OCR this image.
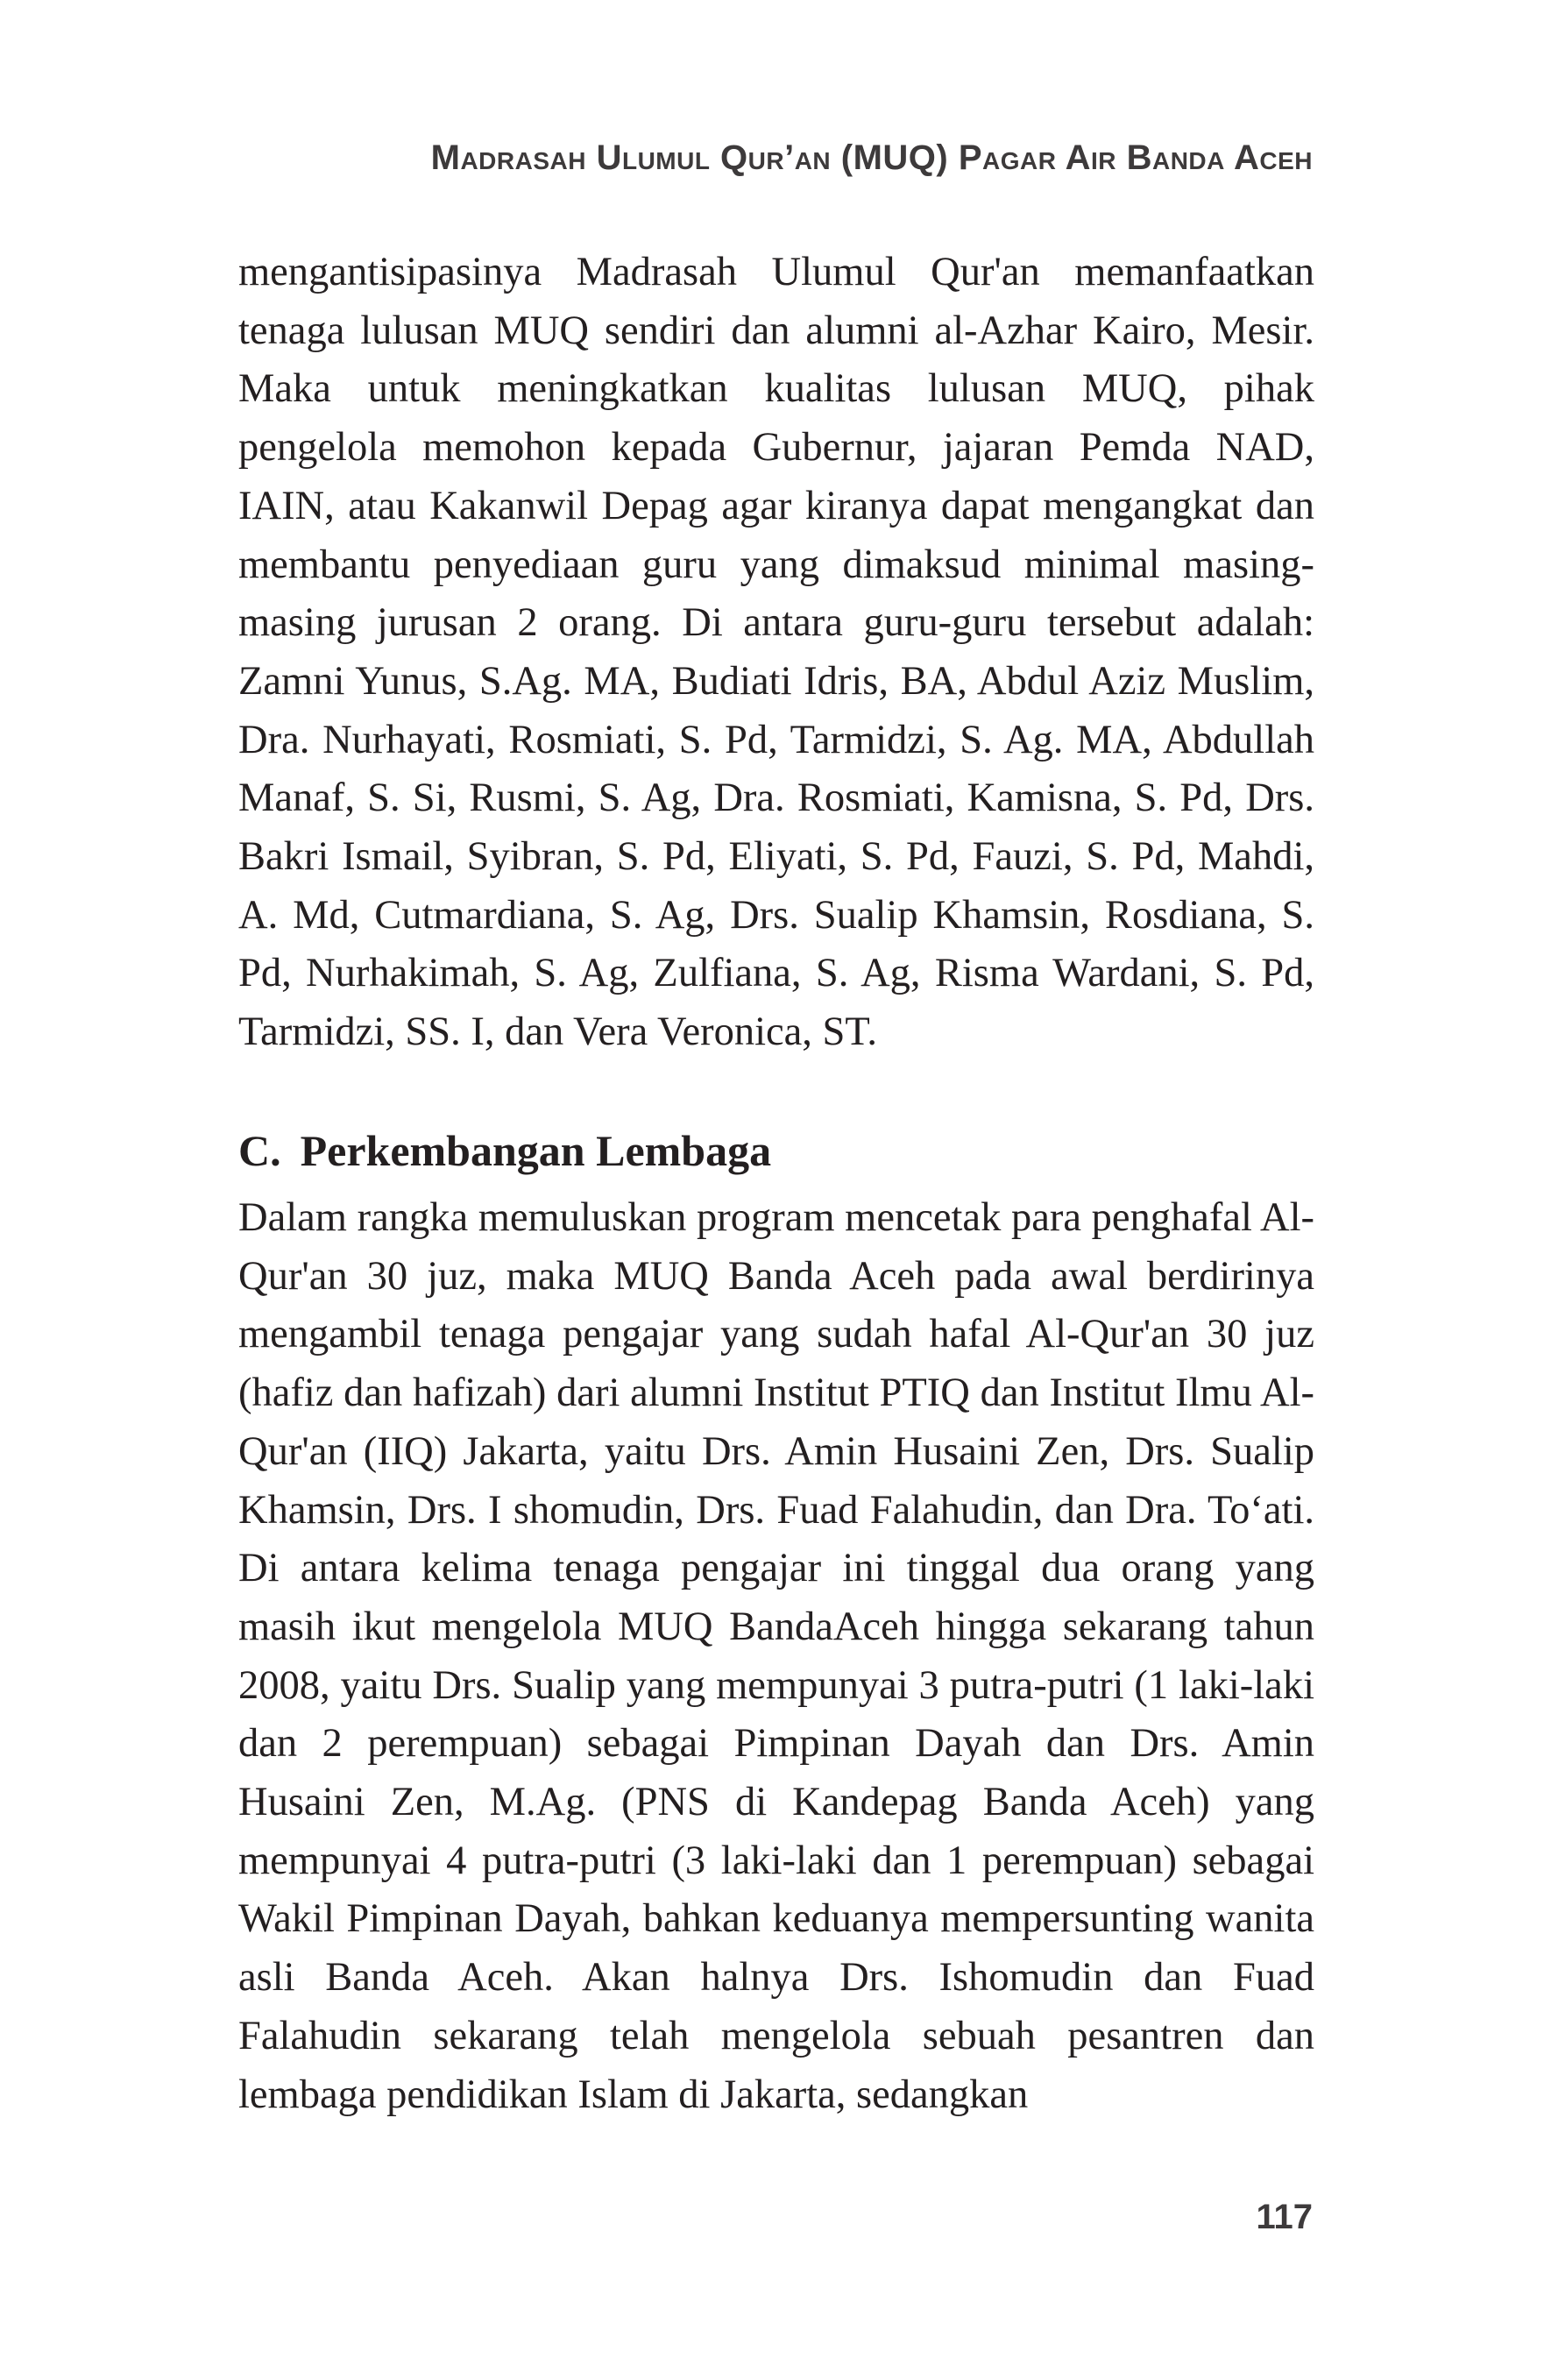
Madrasah Ulumul Qur’an (MUQ) Pagar Air Banda Aceh

mengantisipasinya Madrasah Ulumul Qur'an memanfaatkan tenaga lulusan MUQ sendiri dan alumni al-Azhar Kairo, Mesir. Maka untuk meningkatkan kualitas lulusan MUQ, pihak pengelola memohon kepada Gubernur, jajaran Pemda NAD, IAIN, atau Kakanwil Depag agar kiranya dapat mengangkat dan membantu penyediaan guru yang dimaksud minimal masing-masing jurusan 2 orang. Di antara guru-guru tersebut adalah: Zamni Yunus, S.Ag. MA, Budiati Idris, BA, Abdul Aziz Muslim, Dra. Nurhayati, Rosmiati, S. Pd, Tarmidzi, S. Ag. MA, Abdullah Manaf, S. Si, Rusmi, S. Ag, Dra. Rosmiati, Kamisna, S. Pd, Drs. Bakri Ismail, Syibran, S. Pd, Eliyati, S. Pd, Fauzi, S. Pd, Mahdi, A. Md, Cutmardiana, S. Ag, Drs. Sualip Khamsin, Rosdiana, S. Pd, Nurhakimah, S. Ag, Zulfiana, S. Ag, Risma Wardani, S. Pd, Tarmidzi, SS. I, dan Vera Veronica, ST.

C. Perkembangan Lembaga

Dalam rangka memuluskan program mencetak para penghafal Al-Qur'an 30 juz, maka MUQ Banda Aceh pada awal berdirinya mengambil tenaga pengajar yang sudah hafal Al-Qur'an 30 juz (hafiz dan hafizah) dari alumni Institut PTIQ dan Institut Ilmu Al-Qur'an (IIQ) Jakarta, yaitu Drs. Amin Husaini Zen, Drs. Sualip Khamsin, Drs. I shomudin, Drs. Fuad Falahudin, dan Dra. To‘ati. Di antara kelima tenaga pengajar ini tinggal dua orang yang masih ikut mengelola MUQ BandaAceh hingga sekarang tahun 2008, yaitu Drs. Sualip yang mempunyai 3 putra-putri (1 laki-laki dan 2 perempuan) sebagai Pimpinan Dayah dan Drs. Amin Husaini Zen, M.Ag. (PNS di Kandepag Banda Aceh) yang mempunyai 4 putra-putri (3 laki-laki dan 1 perempuan) sebagai Wakil Pimpinan Dayah, bahkan keduanya mempersunting wanita asli Banda Aceh. Akan halnya Drs. Ishomudin dan Fuad Falahudin sekarang telah mengelola sebuah pesantren dan lembaga pendidikan Islam di Jakarta, sedangkan

117
